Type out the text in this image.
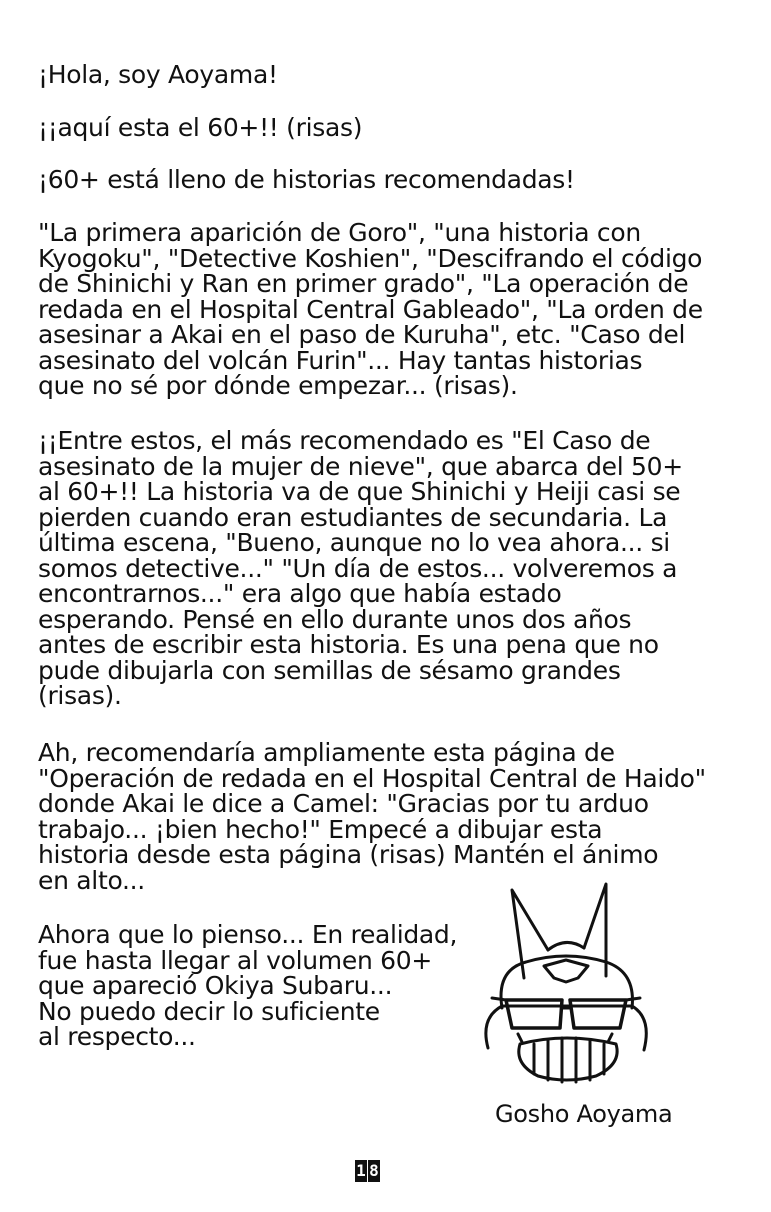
¡Hola, soy Aoyama!

¡¡aquí esta el 60+!! (risas)

¡60+ está lleno de historias recomendadas!

"La primera aparición de Goro", "una historia con
Kyogoku", "Detective Koshien", "Descifrando el código
de Shinichi y Ran en primer grado", "La operación de
redada en el Hospital Central Gableado", "La orden de
asesinar a Akai en el paso de Kuruha", etc. "Caso del
asesinato del volcán Furin"... Hay tantas historias
que no sé por dónde empezar... (risas).
¡¡Entre estos, el más recomendado es "El Caso de
asesinato de la mujer de nieve", que abarca del 50+
al 60+!! La historia va de que Shinichi y Heiji casi se
pierden cuando eran estudiantes de secundaria. La
última escena, "Bueno, aunque no lo vea ahora... si
somos detective..." "Un día de estos... volveremos a
encontrarnos..." era algo que había estado
esperando. Pensé en ello durante unos dos años
antes de escribir esta historia. Es una pena que no
pude dibujarla con semillas de sésamo grandes
(risas).
Ah, recomendaría ampliamente esta página de
"Operación de redada en el Hospital Central de Haido"
donde Akai le dice a Camel: "Gracias por tu arduo
trabajo... ¡bien hecho!" Empecé a dibujar esta
historia desde esta página (risas) Mantén el ánimo
en alto...
Ahora que lo pienso... En realidad,
fue hasta llegar al volumen 60+
que apareció Okiya Subaru...
No puedo decir lo suficiente
al respecto...
Gosho Aoyama
1 8
